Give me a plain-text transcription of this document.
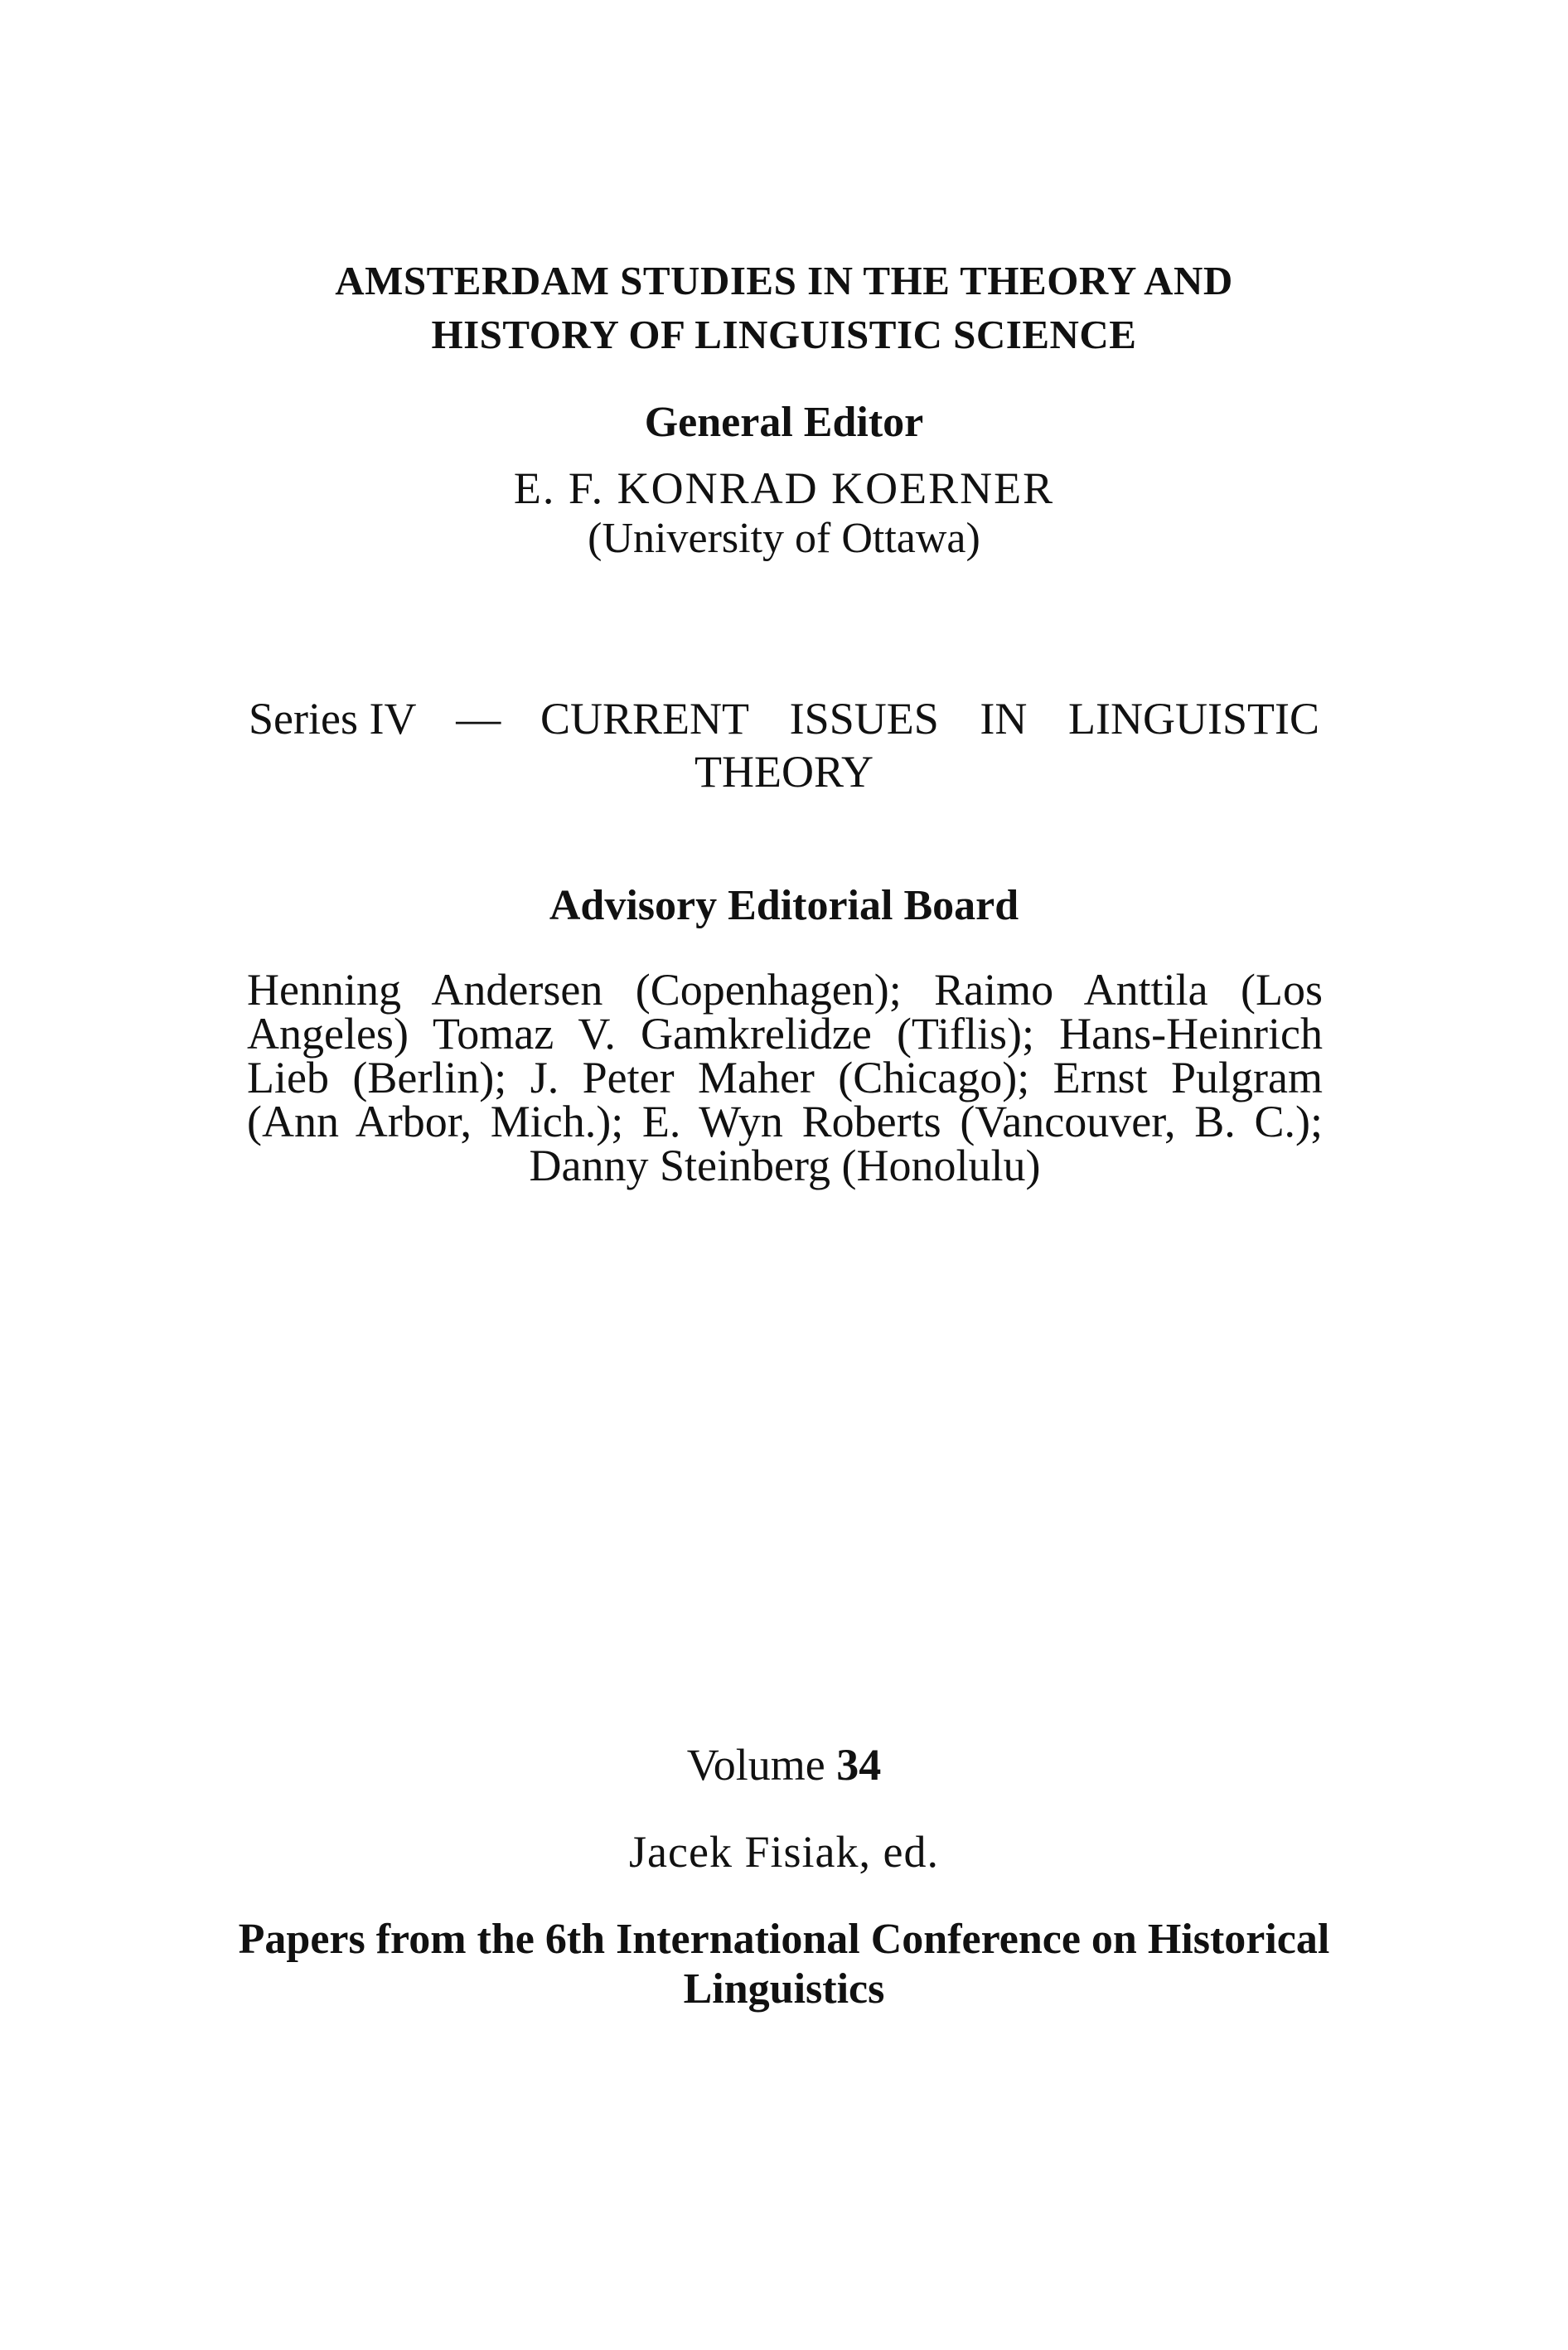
AMSTERDAM STUDIES IN THE THEORY AND
HISTORY OF LINGUISTIC SCIENCE
General Editor
E. F. KONRAD KOERNER
(University of Ottawa)
Series IV — CURRENT ISSUES IN LINGUISTIC
THEORY
Advisory Editorial Board
Henning Andersen (Copenhagen); Raimo Anttila (Los
Angeles) Tomaz V. Gamkrelidze (Tiflis); Hans-Heinrich
Lieb (Berlin); J. Peter Maher (Chicago); Ernst Pulgram
(Ann Arbor, Mich.); E. Wyn Roberts (Vancouver, B. C.);
Danny Steinberg (Honolulu)
Volume 34
Jacek Fisiak, ed.
Papers from the 6th International Conference on Historical
Linguistics
